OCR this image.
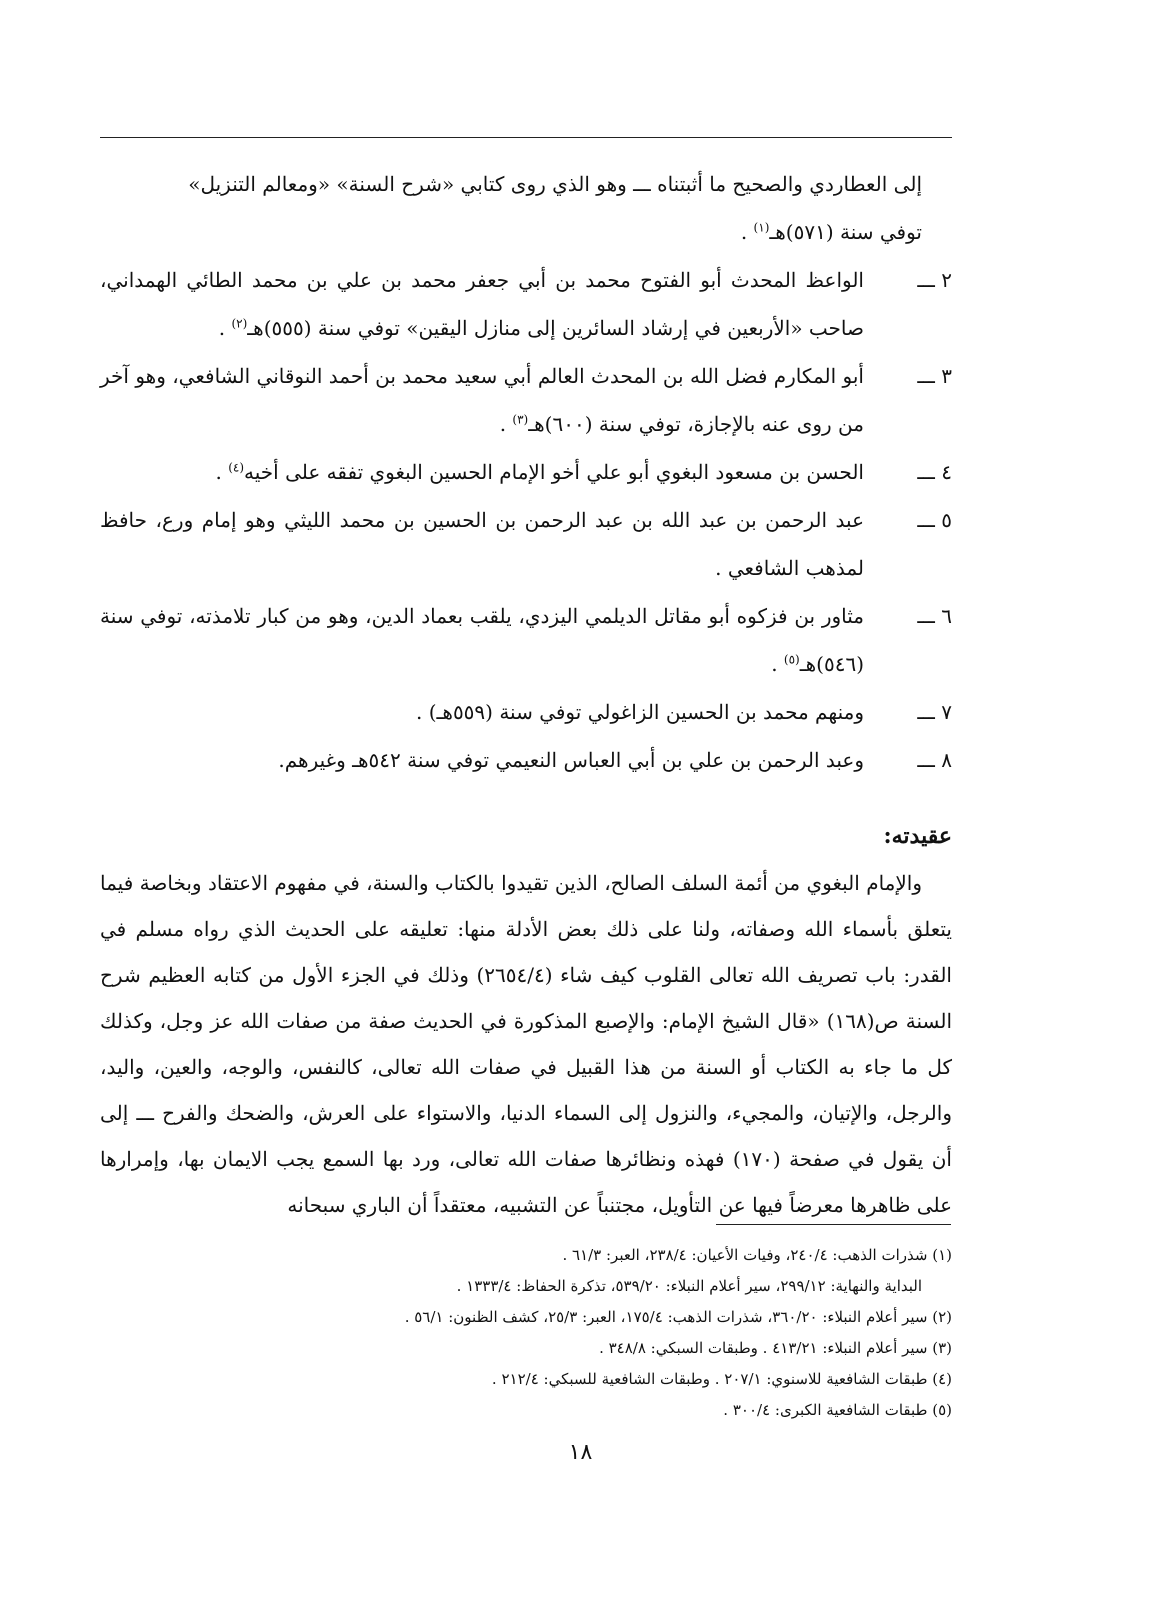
إلى العطاردي والصحيح ما أثبتناه ـــ وهو الذي روى كتابي «شرح السنة» «ومعالم التنزيل»

توفي سنة (٥٧١)هـ$^{(١)}$ .

٢ ـــ
الواعظ المحدث أبو الفتوح محمد بن أبي جعفر محمد بن علي بن محمد الطائي الهمداني، صاحب «الأربعين في إرشاد السائرين إلى منازل اليقين» توفي سنة (٥٥٥)هـ$^{(٢)}$ .
٣ ـــ
أبو المكارم فضل الله بن المحدث العالم أبي سعيد محمد بن أحمد النوقاني الشافعي، وهو آخر من روى عنه بالإجازة، توفي سنة (٦٠٠)هـ$^{(٣)}$ .
٤ ـــ
الحسن بن مسعود البغوي أبو علي أخو الإمام الحسين البغوي تفقه على أخيه$^{(٤)}$ .
٥ ـــ
عبد الرحمن بن عبد الله بن عبد الرحمن بن الحسين بن محمد الليثي وهو إمام ورع، حافظ لمذهب الشافعي .
٦ ـــ
مثاور بن فزكوه أبو مقاتل الديلمي اليزدي، يلقب بعماد الدين، وهو من كبار تلامذته، توفي سنة (٥٤٦)هـ$^{(٥)}$ .
٧ ـــ
ومنهم محمد بن الحسين الزاغولي توفي سنة (٥٥٩هـ) .
٨ ـــ
وعبد الرحمن بن علي بن أبي العباس النعيمي توفي سنة ٥٤٢هـ وغيرهم.

عقيدته:

والإمام البغوي من أئمة السلف الصالح، الذين تقيدوا بالكتاب والسنة، في مفهوم الاعتقاد وبخاصة فيما يتعلق بأسماء الله وصفاته، ولنا على ذلك بعض الأدلة منها: تعليقه على الحديث الذي رواه مسلم في القدر: باب تصريف الله تعالى القلوب كيف شاء (٢٦٥٤/٤) وذلك في الجزء الأول من كتابه العظيم شرح السنة ص(١٦٨) «قال الشيخ الإمام: والإصبع المذكورة في الحديث صفة من صفات الله عز وجل، وكذلك كل ما جاء به الكتاب أو السنة من هذا القبيل في صفات الله تعالى، كالنفس، والوجه، والعين، واليد، والرجل، والإتيان، والمجيء، والنزول إلى السماء الدنيا، والاستواء على العرش، والضحك والفرح ـــ إلى أن يقول في صفحة (١٧٠) فهذه ونظائرها صفات الله تعالى، ورد بها السمع يجب الايمان بها، وإمرارها على ظاهرها معرضاً فيها عن التأويل، مجتنباً عن التشبيه، معتقداً أن الباري سبحانه

(١) شذرات الذهب: ٢٤٠/٤، وفيات الأعيان: ٢٣٨/٤، العبر: ٦١/٣ .
البداية والنهاية: ٢٩٩/١٢، سير أعلام النبلاء: ٥٣٩/٢٠، تذكرة الحفاظ: ١٣٣٣/٤ .
(٢) سير أعلام النبلاء: ٣٦٠/٢٠، شذرات الذهب: ١٧٥/٤، العبر: ٢٥/٣، كشف الظنون: ٥٦/١ .
(٣) سير أعلام النبلاء: ٤١٣/٢١ . وطبقات السبكي: ٣٤٨/٨ .
(٤) طبقات الشافعية للاسنوي: ٢٠٧/١ . وطبقات الشافعية للسبكي: ٢١٢/٤ .
(٥) طبقات الشافعية الكبرى: ٣٠٠/٤ .
١٨
